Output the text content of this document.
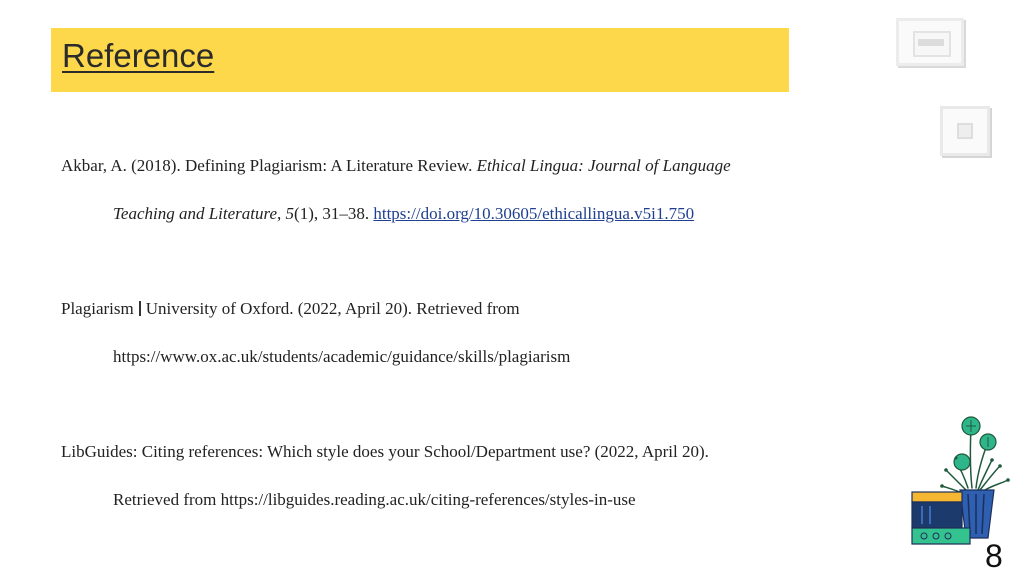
Reference
Akbar, A. (2018). Defining Plagiarism: A Literature Review. Ethical Lingua: Journal of Language
Teaching and Literature, 5(1), 31–38. https://doi.org/10.30605/ethicallingua.v5i1.750
Plagiarism University of Oxford. (2022, April 20). Retrieved from
https://www.ox.ac.uk/students/academic/guidance/skills/plagiarism
LibGuides: Citing references: Which style does your School/Department use? (2022, April 20).
Retrieved from https://libguides.reading.ac.uk/citing-references/styles-in-use
8
